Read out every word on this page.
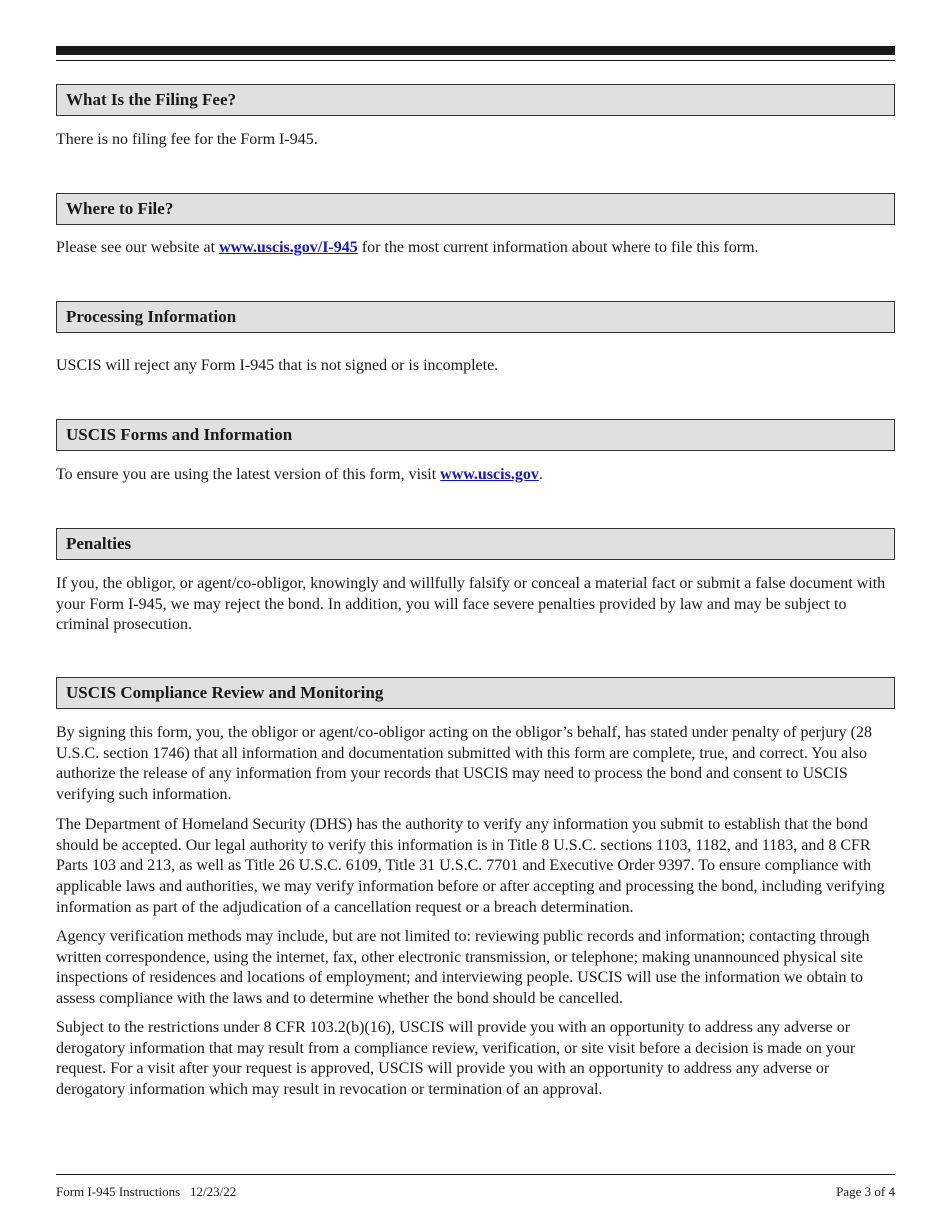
What Is the Filing Fee?

There is no filing fee for the Form I-945.

Where to File?

Please see our website at www.uscis.gov/I-945 for the most current information about where to file this form.

Processing Information

USCIS will reject any Form I-945 that is not signed or is incomplete.

USCIS Forms and Information

To ensure you are using the latest version of this form, visit www.uscis.gov.

Penalties

If you, the obligor, or agent/co-obligor, knowingly and willfully falsify or conceal a material fact or submit a false document with your Form I-945, we may reject the bond. In addition, you will face severe penalties provided by law and may be subject to criminal prosecution.

USCIS Compliance Review and Monitoring

By signing this form, you, the obligor or agent/co-obligor acting on the obligor’s behalf, has stated under penalty of perjury (28 U.S.C. section 1746) that all information and documentation submitted with this form are complete, true, and correct. You also authorize the release of any information from your records that USCIS may need to process the bond and consent to USCIS verifying such information.

The Department of Homeland Security (DHS) has the authority to verify any information you submit to establish that the bond should be accepted. Our legal authority to verify this information is in Title 8 U.S.C. sections 1103, 1182, and 1183, and 8 CFR Parts 103 and 213, as well as Title 26 U.S.C. 6109, Title 31 U.S.C. 7701 and Executive Order 9397. To ensure compliance with applicable laws and authorities, we may verify information before or after accepting and processing the bond, including verifying information as part of the adjudication of a cancellation request or a breach determination.

Agency verification methods may include, but are not limited to: reviewing public records and information; contacting through written correspondence, using the internet, fax, other electronic transmission, or telephone; making unannounced physical site inspections of residences and locations of employment; and interviewing people. USCIS will use the information we obtain to assess compliance with the laws and to determine whether the bond should be cancelled.

Subject to the restrictions under 8 CFR 103.2(b)(16), USCIS will provide you with an opportunity to address any adverse or derogatory information that may result from a compliance review, verification, or site visit before a decision is made on your request. For a visit after your request is approved, USCIS will provide you with an opportunity to address any adverse or derogatory information which may result in revocation or termination of an approval.

Form I-945 Instructions 12/23/22	Page 3 of 4
